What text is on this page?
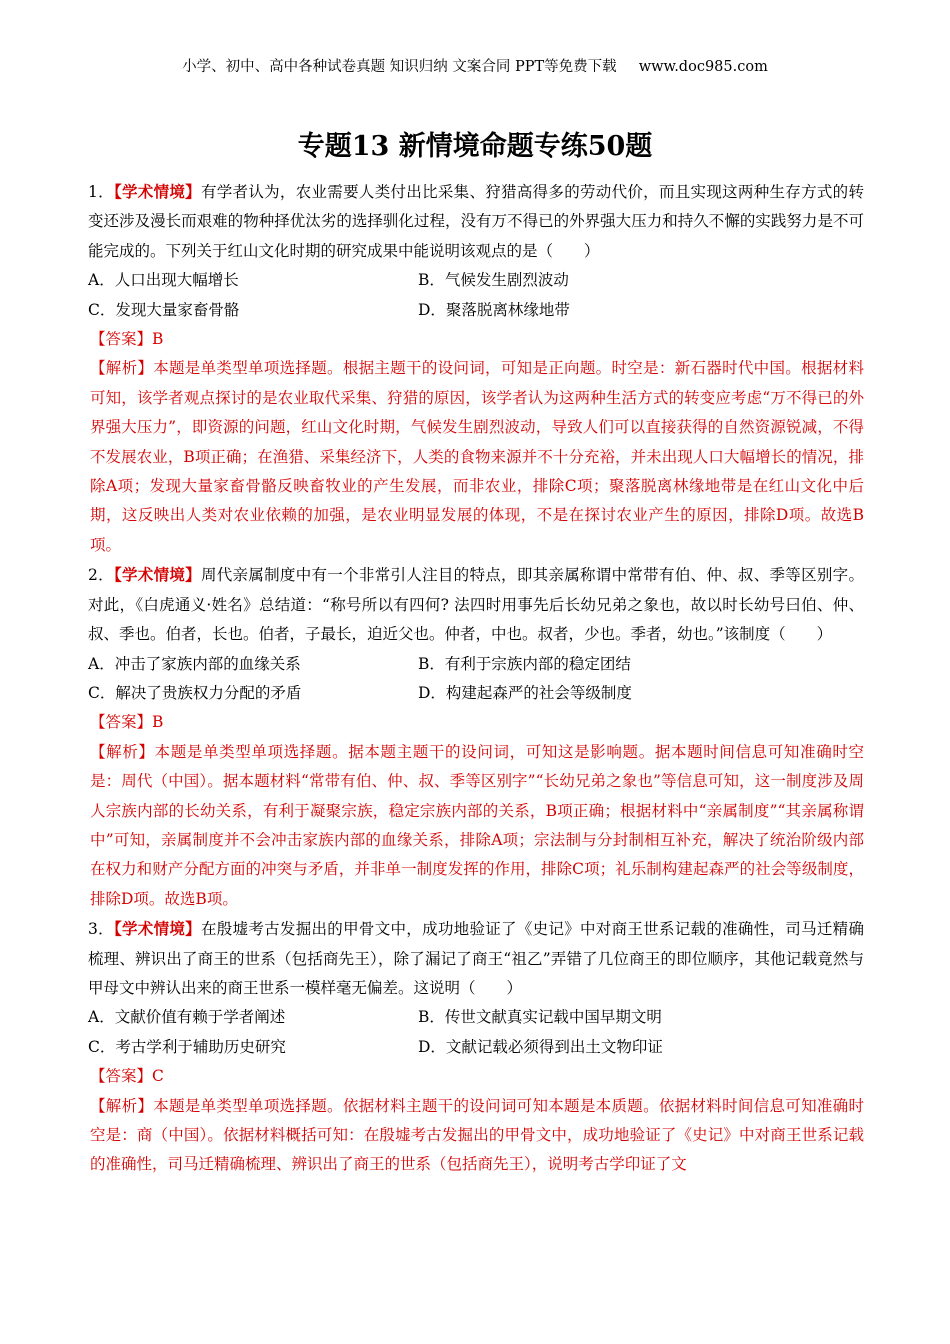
小学、初中、高中各种试卷真题 知识归纳 文案合同 PPT等免费下载 www.doc985.com
专题13 新情境命题专练50题
1．【学术情境】有学者认为，农业需要人类付出比采集、狩猎高得多的劳动代价，而且实现这两种生存方式的转变还涉及漫长而艰难的物种择优汰劣的选择驯化过程，没有万不得已的外界强大压力和持久不懈的实践努力是不可能完成的。下列关于红山文化时期的研究成果中能说明该观点的是（　　）
A．人口出现大幅增长	B．气候发生剧烈波动
C．发现大量家畜骨骼	D．聚落脱离林缘地带
【答案】B
【解析】本题是单类型单项选择题。根据主题干的设问词，可知是正向题。时空是：新石器时代中国。根据材料可知，该学者观点探讨的是农业取代采集、狩猎的原因，该学者认为这两种生活方式的转变应考虑“万不得已的外界强大压力”，即资源的问题，红山文化时期，气候发生剧烈波动，导致人们可以直接获得的自然资源锐减，不得不发展农业，B项正确；在渔猎、采集经济下，人类的食物来源并不十分充裕，并未出现人口大幅增长的情况，排除A项；发现大量家畜骨骼反映畜牧业的产生发展，而非农业，排除C项；聚落脱离林缘地带是在红山文化中后期，这反映出人类对农业依赖的加强，是农业明显发展的体现，不是在探讨农业产生的原因，排除D项。故选B项。
2．【学术情境】周代亲属制度中有一个非常引人注目的特点，即其亲属称谓中常带有伯、仲、叔、季等区别字。对此，《白虎通义·姓名》总结道：“称号所以有四何? 法四时用事先后长幼兄弟之象也，故以时长幼号曰伯、仲、叔、季也。伯者，长也。伯者，子最长，迫近父也。仲者，中也。叔者，少也。季者，幼也。”该制度（　　）
A．冲击了家族内部的血缘关系	B．有利于宗族内部的稳定团结
C．解决了贵族权力分配的矛盾	D．构建起森严的社会等级制度
【答案】B
【解析】本题是单类型单项选择题。据本题主题干的设问词，可知这是影响题。据本题时间信息可知准确时空是：周代（中国）。据本题材料“常带有伯、仲、叔、季等区别字”“长幼兄弟之象也”等信息可知，这一制度涉及周人宗族内部的长幼关系，有利于凝聚宗族，稳定宗族内部的关系，B项正确；根据材料中“亲属制度”“其亲属称谓中”可知，亲属制度并不会冲击家族内部的血缘关系，排除A项；宗法制与分封制相互补充，解决了统治阶级内部在权力和财产分配方面的冲突与矛盾，并非单一制度发挥的作用，排除C项；礼乐制构建起森严的社会等级制度，排除D项。故选B项。
3．【学术情境】在殷墟考古发掘出的甲骨文中，成功地验证了《史记》中对商王世系记载的准确性，司马迁精确梳理、辨识出了商王的世系（包括商先王），除了漏记了商王“祖乙”弄错了几位商王的即位顺序，其他记载竟然与甲母文中辨认出来的商王世系一模样毫无偏差。这说明（　　）
A．文献价值有赖于学者阐述	B．传世文献真实记载中国早期文明
C．考古学利于辅助历史研究	D．文献记载必须得到出土文物印证
【答案】C
【解析】本题是单类型单项选择题。依据材料主题干的设问词可知本题是本质题。依据材料时间信息可知准确时空是：商（中国）。依据材料概括可知：在殷墟考古发掘出的甲骨文中，成功地验证了《史记》中对商王世系记载的准确性，司马迁精确梳理、辨识出了商王的世系（包括商先王），说明考古学印证了文
